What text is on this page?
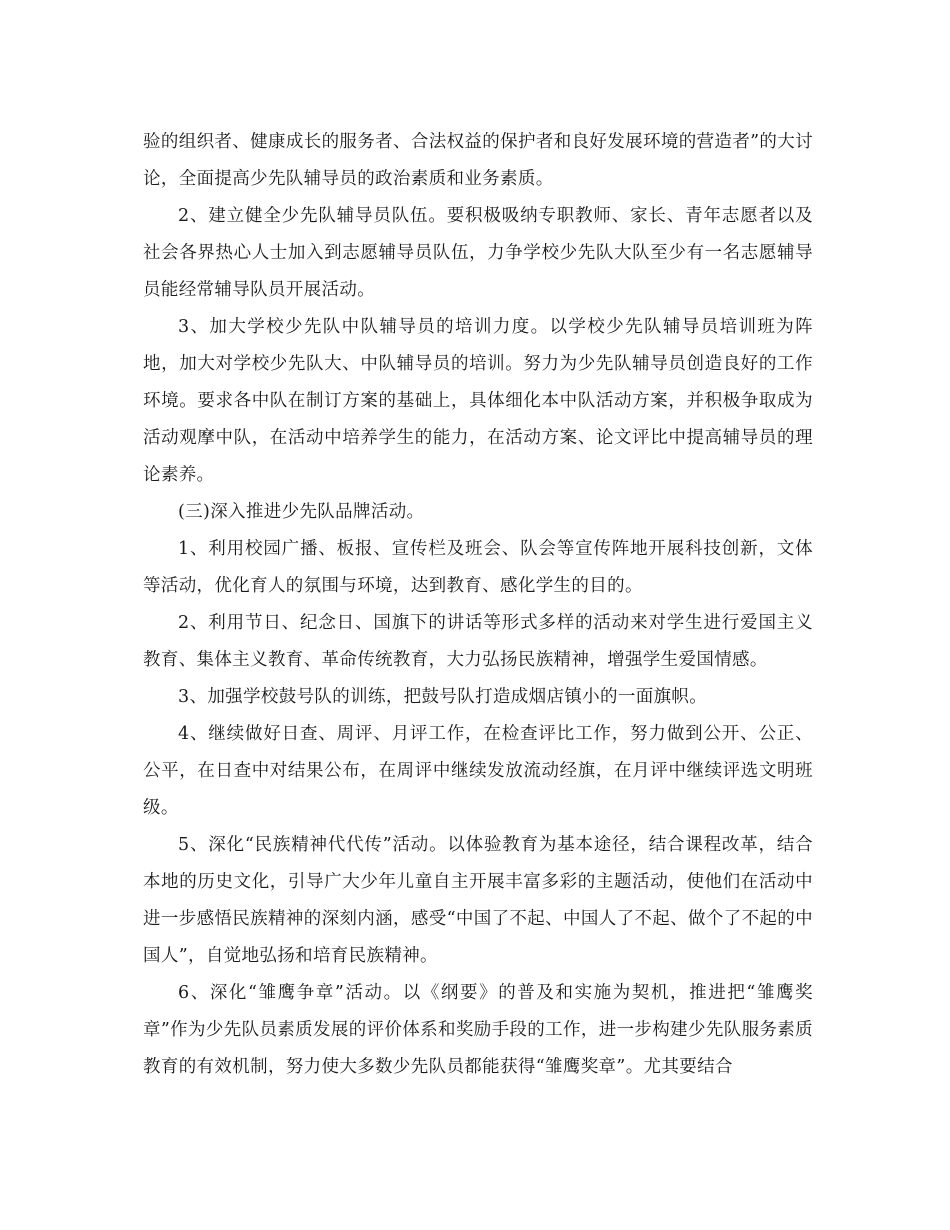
验的组织者、健康成长的服务者、合法权益的保护者和良好发展环境的营造者”的大讨论，全面提高少先队辅导员的政治素质和业务素质。

2、建立健全少先队辅导员队伍。要积极吸纳专职教师、家长、青年志愿者以及社会各界热心人士加入到志愿辅导员队伍，力争学校少先队大队至少有一名志愿辅导员能经常辅导队员开展活动。

3、加大学校少先队中队辅导员的培训力度。以学校少先队辅导员培训班为阵地，加大对学校少先队大、中队辅导员的培训。努力为少先队辅导员创造良好的工作环境。要求各中队在制订方案的基础上，具体细化本中队活动方案，并积极争取成为活动观摩中队，在活动中培养学生的能力，在活动方案、论文评比中提高辅导员的理论素养。

(三)深入推进少先队品牌活动。

1、利用校园广播、板报、宣传栏及班会、队会等宣传阵地开展科技创新，文体等活动，优化育人的氛围与环境，达到教育、感化学生的目的。

2、利用节日、纪念日、国旗下的讲话等形式多样的活动来对学生进行爱国主义教育、集体主义教育、革命传统教育，大力弘扬民族精神，增强学生爱国情感。

3、加强学校鼓号队的训练，把鼓号队打造成烟店镇小的一面旗帜。

4、继续做好日查、周评、月评工作，在检查评比工作，努力做到公开、公正、公平，在日查中对结果公布，在周评中继续发放流动经旗，在月评中继续评选文明班级。

5、深化“民族精神代代传”活动。以体验教育为基本途径，结合课程改革，结合本地的历史文化，引导广大少年儿童自主开展丰富多彩的主题活动，使他们在活动中进一步感悟民族精神的深刻内涵，感受“中国了不起、中国人了不起、做个了不起的中国人”，自觉地弘扬和培育民族精神。

6、深化“雏鹰争章”活动。以《纲要》的普及和实施为契机，推进把“雏鹰奖章”作为少先队员素质发展的评价体系和奖励手段的工作，进一步构建少先队服务素质教育的有效机制，努力使大多数少先队员都能获得“雏鹰奖章”。尤其要结合
